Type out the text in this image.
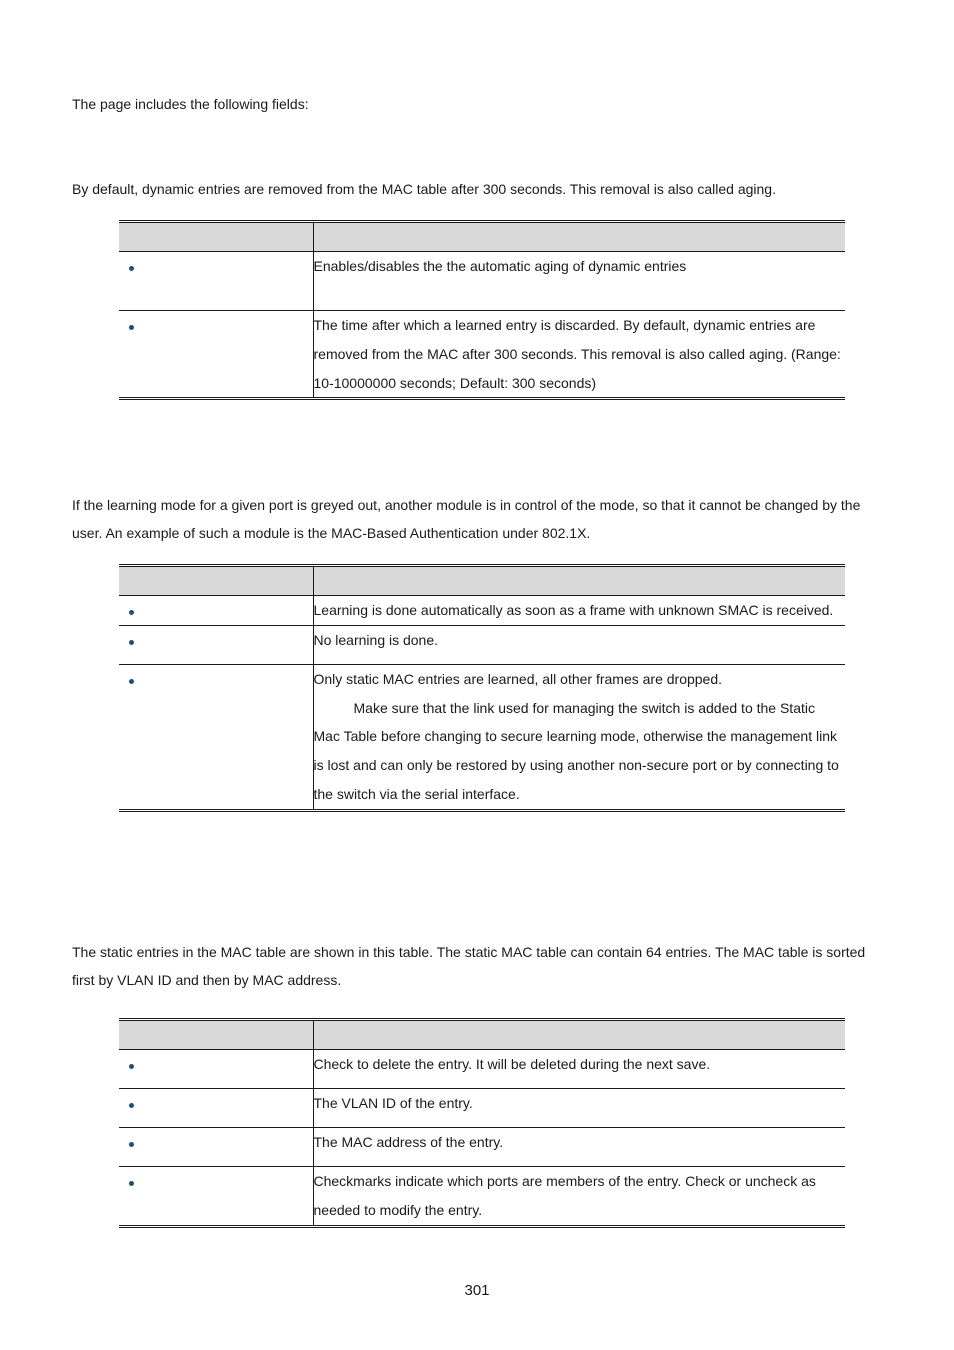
The page includes the following fields:

By default, dynamic entries are removed from the MAC table after 300 seconds. This removal is also called aging.

	Enables/disables the the automatic aging of dynamic entries

	The time after which a learned entry is discarded. By default, dynamic entries are removed from the MAC after 300 seconds. This removal is also called aging. (Range: 10-10000000 seconds; Default: 300 seconds)

If the learning mode for a given port is greyed out, another module is in control of the mode, so that it cannot be changed by the user. An example of such a module is the MAC-Based Authentication under 802.1X.

	Learning is done automatically as soon as a frame with unknown SMAC is received.

	No learning is done.

	Only static MAC entries are learned, all other frames are dropped.
Make sure that the link used for managing the switch is added to the Static Mac Table before changing to secure learning mode, otherwise the management link is lost and can only be restored by using another non-secure port or by connecting to the switch via the serial interface.

The static entries in the MAC table are shown in this table. The static MAC table can contain 64 entries. The MAC table is sorted first by VLAN ID and then by MAC address.

	Check to delete the entry. It will be deleted during the next save.

	The VLAN ID of the entry.

	The MAC address of the entry.

	Checkmarks indicate which ports are members of the entry. Check or uncheck as needed to modify the entry.
301
